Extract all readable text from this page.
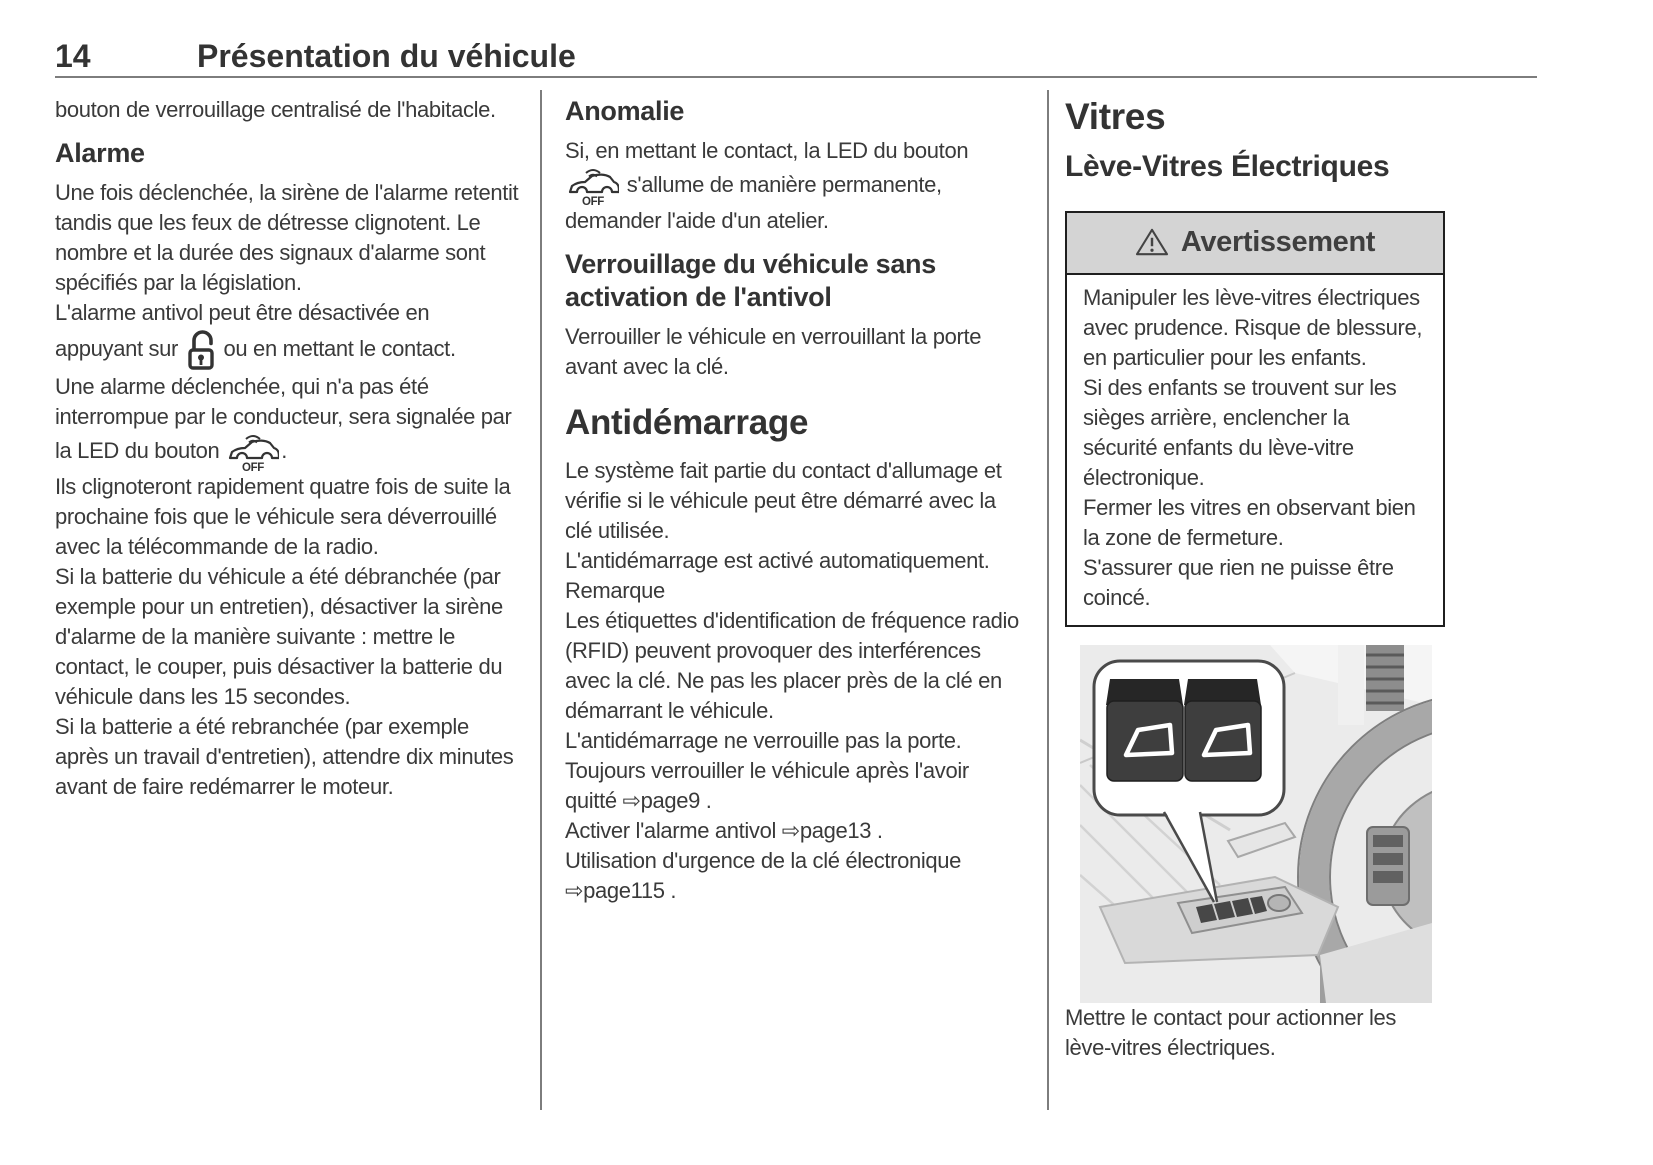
14	Présentation du véhicule

bouton de verrouillage centralisé de l'habitacle.

Alarme

Une fois déclenchée, la sirène de l'alarme retentit tandis que les feux de détresse clignotent. Le nombre et la durée des signaux d'alarme sont spécifiés par la législation.

L'alarme antivol peut être désactivée en appuyant sur  ou en mettant le contact.

Une alarme déclenchée, qui n'a pas été interrompue par le conducteur, sera signalée par la LED du bouton
OFF
.

Ils clignoteront rapidement quatre fois de suite la prochaine fois que le véhicule sera déverrouillé avec la télécommande de la radio.

Si la batterie du véhicule a été débranchée (par exemple pour un entretien), désactiver la sirène d'alarme de la manière suivante : mettre le contact, le couper, puis désactiver la batterie du véhicule dans les 15 secondes.

Si la batterie a été rebranchée (par exemple après un travail d'entretien), attendre dix minutes avant de faire redémarrer le moteur.

Anomalie

Si, en mettant le contact, la LED du bouton
OFF
s'allume de manière permanente, demander l'aide d'un atelier.

Verrouillage du véhicule sans activation de l'antivol

Verrouiller le véhicule en verrouillant la porte avant avec la clé.

Antidémarrage

Le système fait partie du contact d'allumage et vérifie si le véhicule peut être démarré avec la clé utilisée.

L'antidémarrage est activé automatiquement.

Remarque

Les étiquettes d'identification de fréquence radio (RFID) peuvent provoquer des interférences avec la clé. Ne pas les placer près de la clé en démarrant le véhicule.

L'antidémarrage ne verrouille pas la porte. Toujours verrouiller le véhicule après l'avoir quitté ⇨page9 .

Activer l'alarme antivol ⇨page13 .

Utilisation d'urgence de la clé électronique ⇨page115 .

Vitres
Lève-Vitres Électriques
Avertissement

Manipuler les lève-vitres électriques avec prudence. Risque de blessure, en particulier pour les enfants.

Si des enfants se trouvent sur les sièges arrière, enclencher la sécurité enfants du lève-vitre électronique.

Fermer les vitres en observant bien la zone de fermeture.

S'assurer que rien ne puisse être coincé.

Mettre le contact pour actionner les lève-vitres électriques.
